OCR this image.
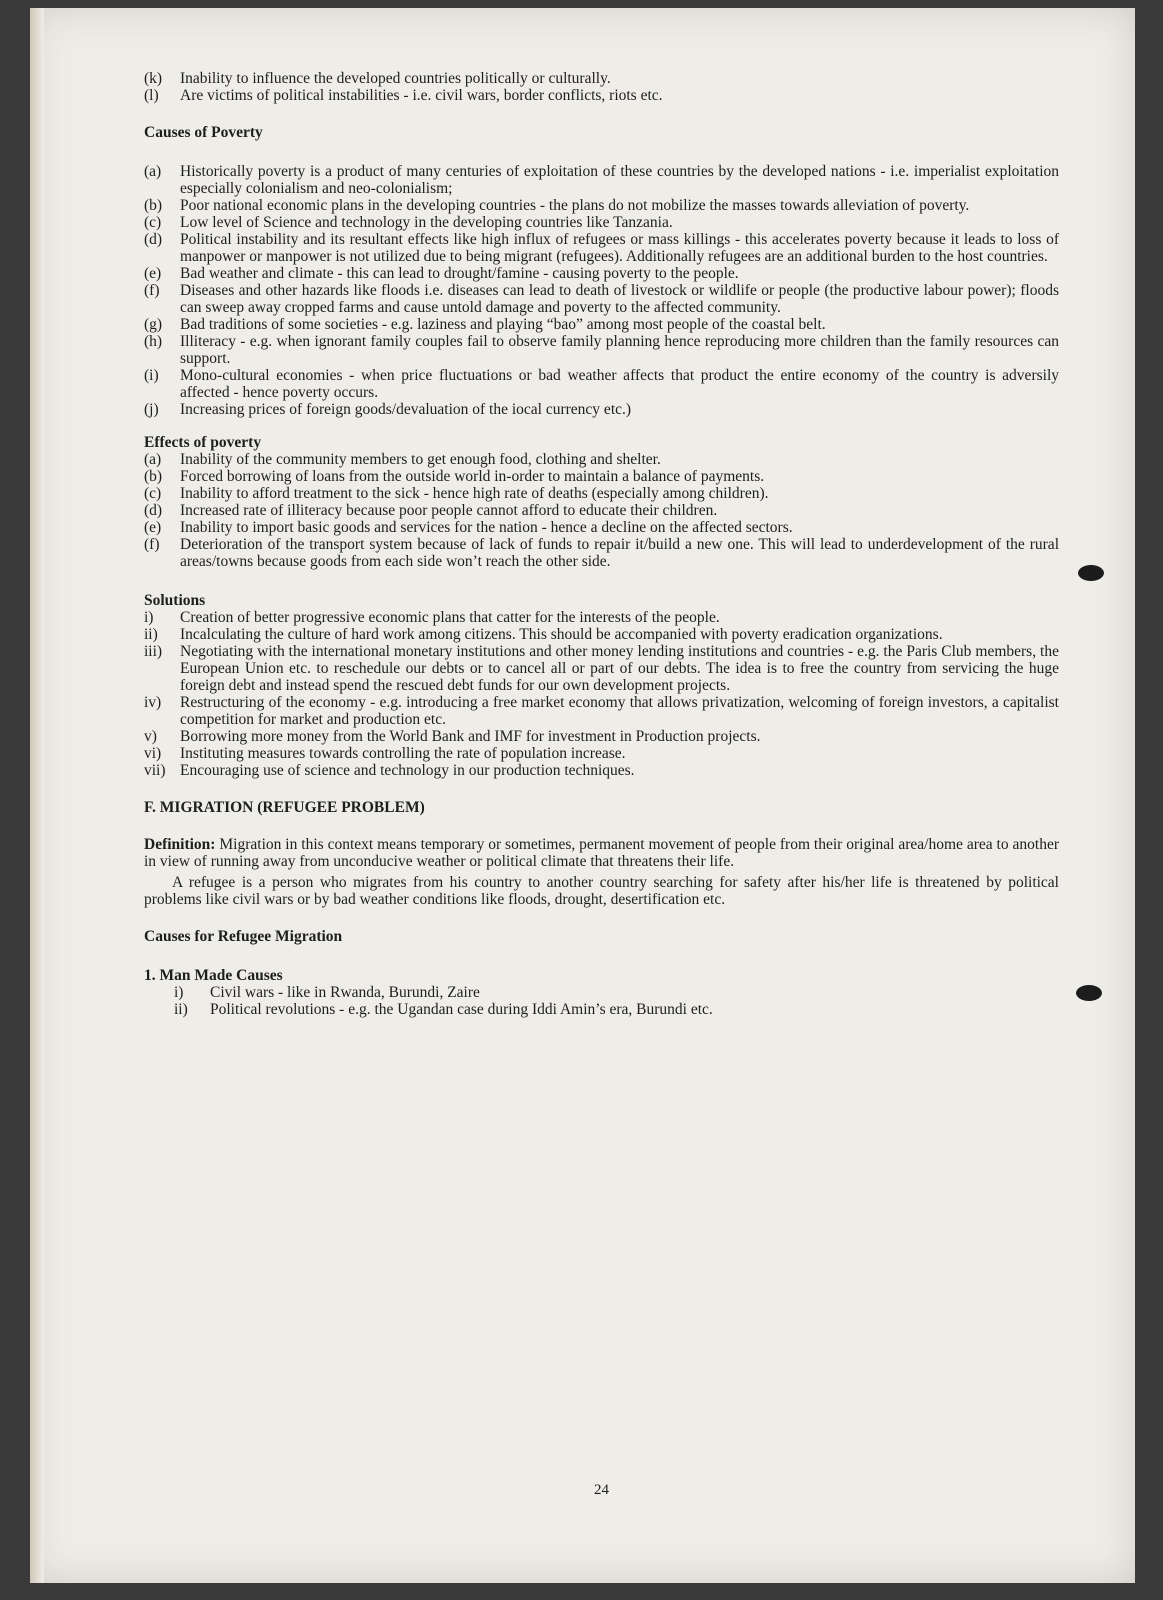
(k)	Inability to influence the developed countries politically or culturally.
(l)	Are victims of political instabilities - i.e. civil wars, border conflicts, riots etc.

Causes of Poverty

(a)	Historically poverty is a product of many centuries of exploitation of these countries by the developed nations - i.e. imperialist exploitation especially colonialism and neo-colonialism;
(b)	Poor national economic plans in the developing countries - the plans do not mobilize the masses towards alleviation of poverty.
(c)	Low level of Science and technology in the developing countries like Tanzania.
(d)	Political instability and its resultant effects like high influx of refugees or mass killings - this accelerates poverty because it leads to loss of manpower or manpower is not utilized due to being migrant (refugees). Additionally refugees are an additional burden to the host countries.
(e)	Bad weather and climate - this can lead to drought/famine - causing poverty to the people.
(f)	Diseases and other hazards like floods i.e. diseases can lead to death of livestock or wildlife or people (the productive labour power); floods can sweep away cropped farms and cause untold damage and poverty to the affected community.
(g)	Bad traditions of some societies - e.g. laziness and playing “bao” among most people of the coastal belt.
(h)	Illiteracy - e.g. when ignorant family couples fail to observe family planning hence reproducing more children than the family resources can support.
(i)	Mono-cultural economies - when price fluctuations or bad weather affects that product the entire economy of the country is adversily affected - hence poverty occurs.
(j)	Increasing prices of foreign goods/devaluation of the iocal currency etc.)

Effects of poverty

(a)	Inability of the community members to get enough food, clothing and shelter.
(b)	Forced borrowing of loans from the outside world in-order to maintain a balance of payments.
(c)	Inability to afford treatment to the sick - hence high rate of deaths (especially among children).
(d)	Increased rate of illiteracy because poor people cannot afford to educate their children.
(e)	Inability to import basic goods and services for the nation - hence a decline on the affected sectors.
(f)	Deterioration of the transport system because of lack of funds to repair it/build a new one. This will lead to underdevelopment of the rural areas/towns because goods from each side won’t reach the other side.

Solutions

i)	Creation of better progressive economic plans that catter for the interests of the people.
ii)	Incalculating the culture of hard work among citizens. This should be accompanied with poverty eradication organizations.
iii)	Negotiating with the international monetary institutions and other money lending institutions and countries - e.g. the Paris Club members, the European Union etc. to reschedule our debts or to cancel all or part of our debts. The idea is to free the country from servicing the huge foreign debt and instead spend the rescued debt funds for our own development projects.
iv)	Restructuring of the economy - e.g. introducing a free market economy that allows privatization, welcoming of foreign investors, a capitalist competition for market and production etc.
v)	Borrowing more money from the World Bank and IMF for investment in Production projects.
vi)	Instituting measures towards controlling the rate of population increase.
vii) Encouraging use of science and technology in our production techniques.

F. MIGRATION (REFUGEE PROBLEM)

Definition: Migration in this context means temporary or sometimes, permanent movement of people from their original area/home area to another in view of running away from unconducive weather or political climate that threatens their life.

A refugee is a person who migrates from his country to another country searching for safety after his/her life is threatened by political problems like civil wars or by bad weather conditions like floods, drought, desertification etc.

Causes for Refugee Migration

1. Man Made Causes

i)	Civil wars - like in Rwanda, Burundi, Zaire
ii)	Political revolutions - e.g. the Ugandan case during Iddi Amin’s era, Burundi etc.
24
